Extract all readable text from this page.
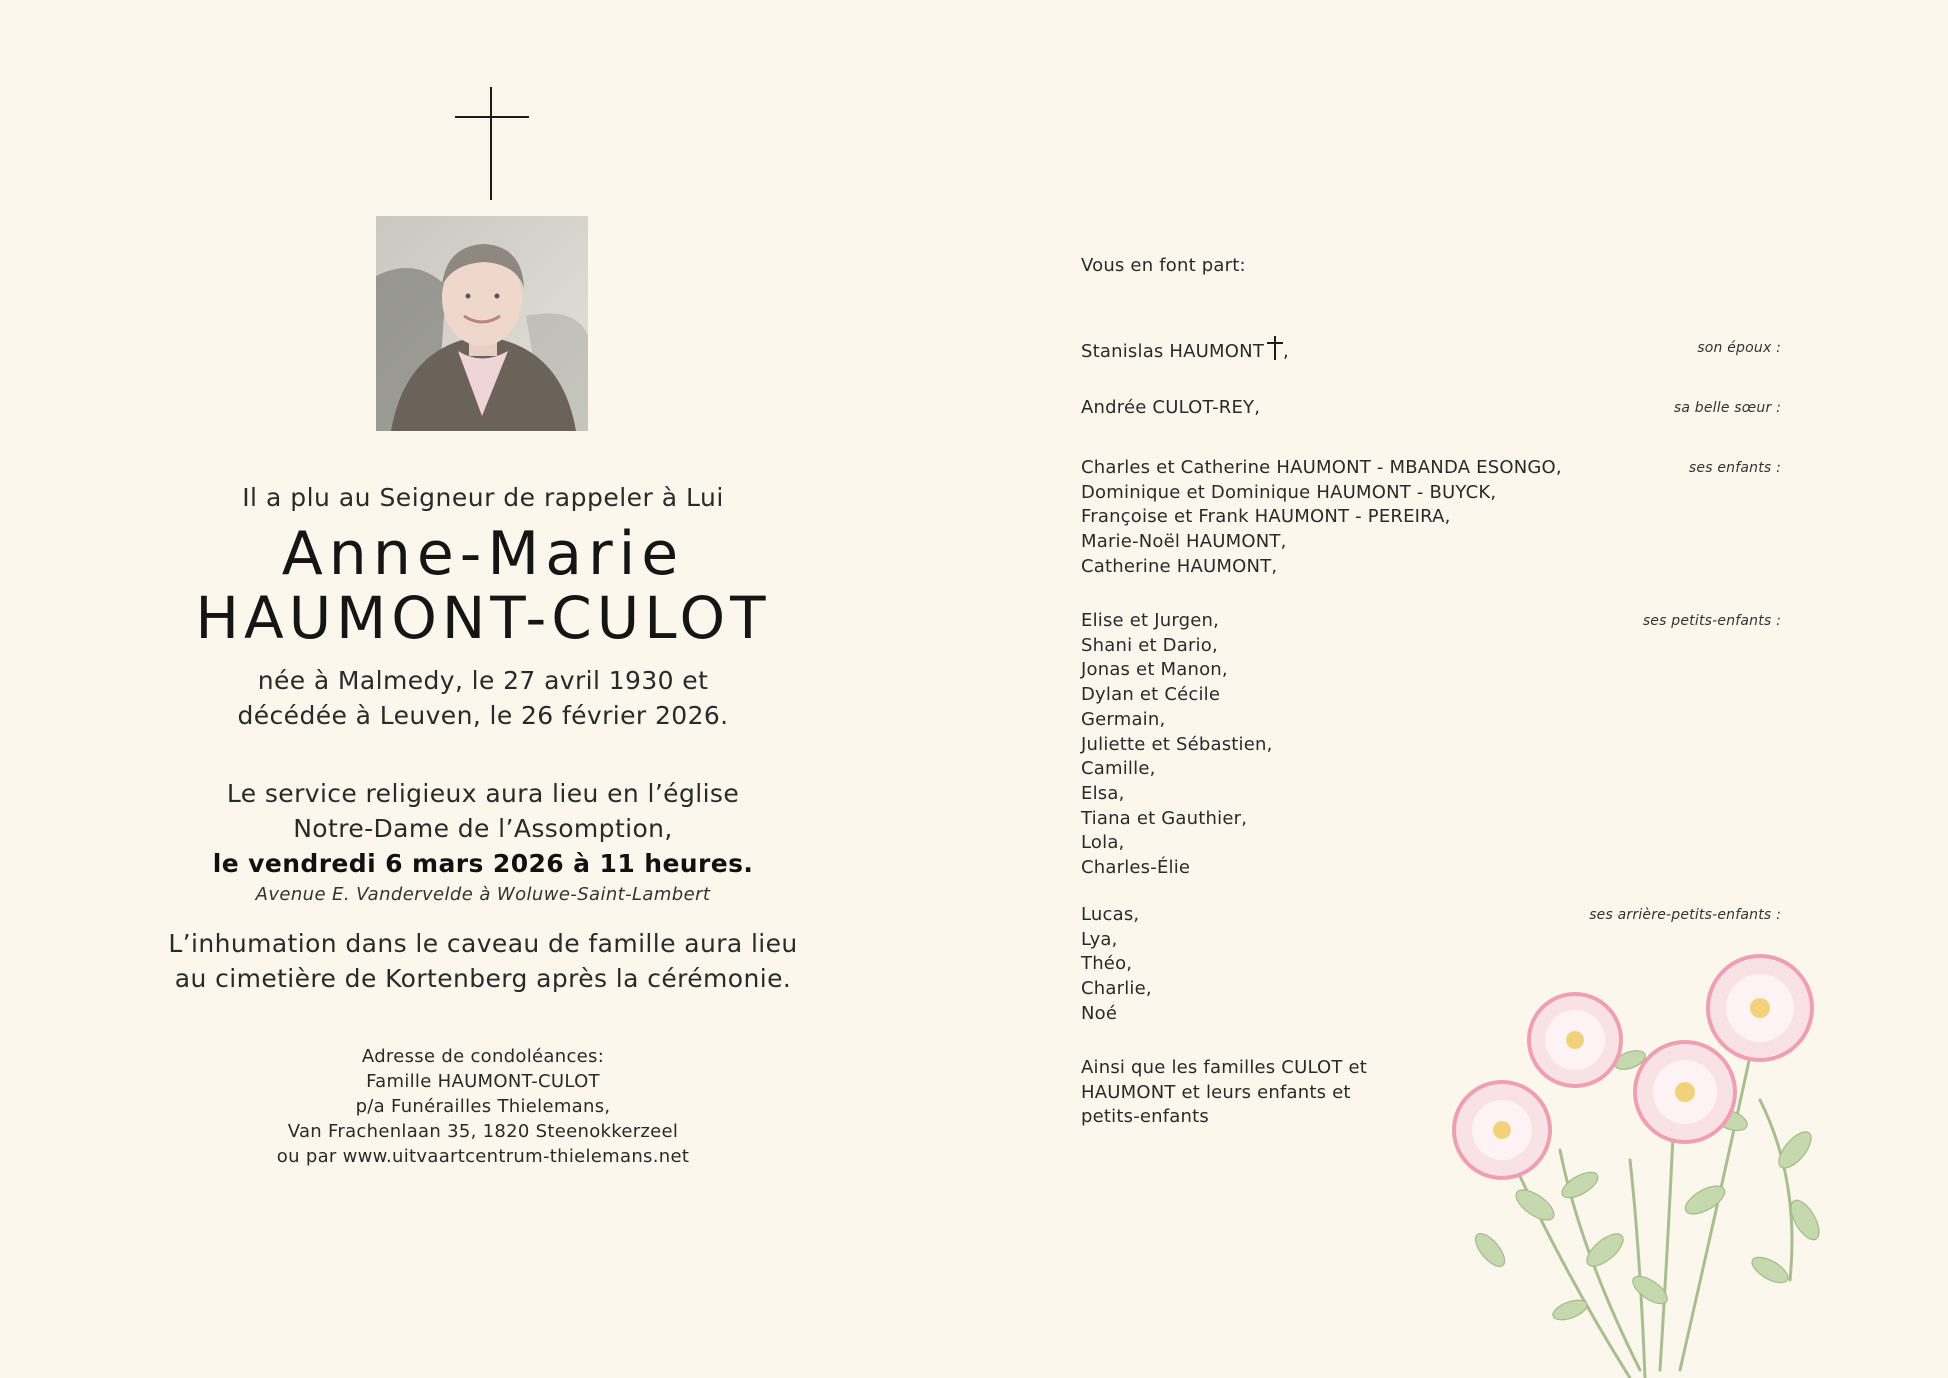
Il a plu au Seigneur de rappeler à Lui
Anne-Marie
HAUMONT-CULOT
née à Malmedy, le 27 avril 1930 et
décédée à Leuven, le 26 février 2026.
Le service religieux aura lieu en l’église
Notre-Dame de l’Assomption,
le vendredi 6 mars 2026 à 11 heures.
Avenue E. Vandervelde à Woluwe-Saint-Lambert
L’inhumation dans le caveau de famille aura lieu
au cimetière de Kortenberg après la cérémonie.
Adresse de condoléances:
Famille HAUMONT-CULOT
p/a Funérailles Thielemans,
Van Frachenlaan 35, 1820 Steenokkerzeel
ou par www.uitvaartcentrum-thielemans.net
Vous en font part:
Stanislas HAUMONT ,	son époux :
Andrée CULOT-REY,	sa belle sœur :
Charles et Catherine HAUMONT - MBANDA ESONGO,
Dominique et Dominique HAUMONT - BUYCK,
Françoise et Frank HAUMONT - PEREIRA,
Marie-Noël HAUMONT,
Catherine HAUMONT,
ses enfants :
Elise et Jurgen,
Shani et Dario,
Jonas et Manon,
Dylan et Cécile
Germain,
Juliette et Sébastien,
Camille,
Elsa,
Tiana et Gauthier,
Lola,
Charles-Élie
ses petits-enfants :
Lucas,
Lya,
Théo,
Charlie,
Noé
ses arrière-petits-enfants :
Ainsi que les familles CULOT et
HAUMONT et leurs enfants et
petits-enfants
